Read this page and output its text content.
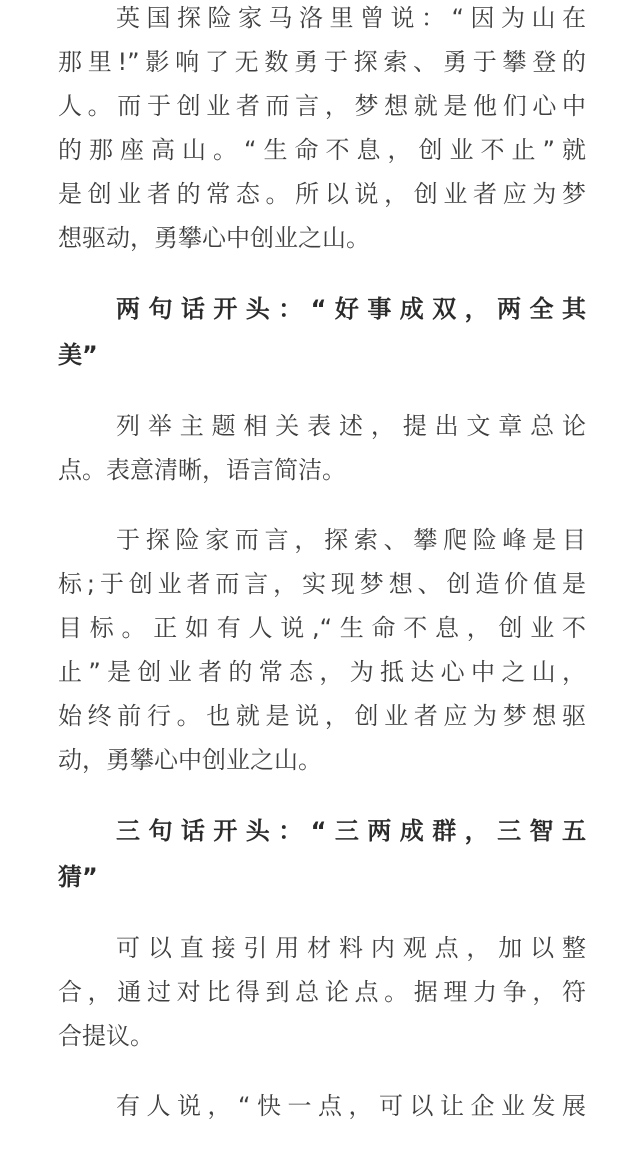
英国探险家马洛里曾说：“因为山在
那里!”影响了无数勇于探索、勇于攀登的
人。而于创业者而言，梦想就是他们心中
的那座高山。“生命不息，创业不止”就
是创业者的常态。所以说，创业者应为梦
想驱动，勇攀心中创业之山。
两句话开头：“好事成双，两全其
美”
列举主题相关表述，提出文章总论
点。表意清晰，语言简洁。
于探险家而言，探索、攀爬险峰是目
标;于创业者而言，实现梦想、创造价值是
目标。正如有人说,“生命不息，创业不
止”是创业者的常态，为抵达心中之山，
始终前行。也就是说，创业者应为梦想驱
动，勇攀心中创业之山。
三句话开头：“三两成群，三智五
猜”
可以直接引用材料内观点，加以整
合，通过对比得到总论点。据理力争，符
合提议。
有人说，“快一点，可以让企业发展
